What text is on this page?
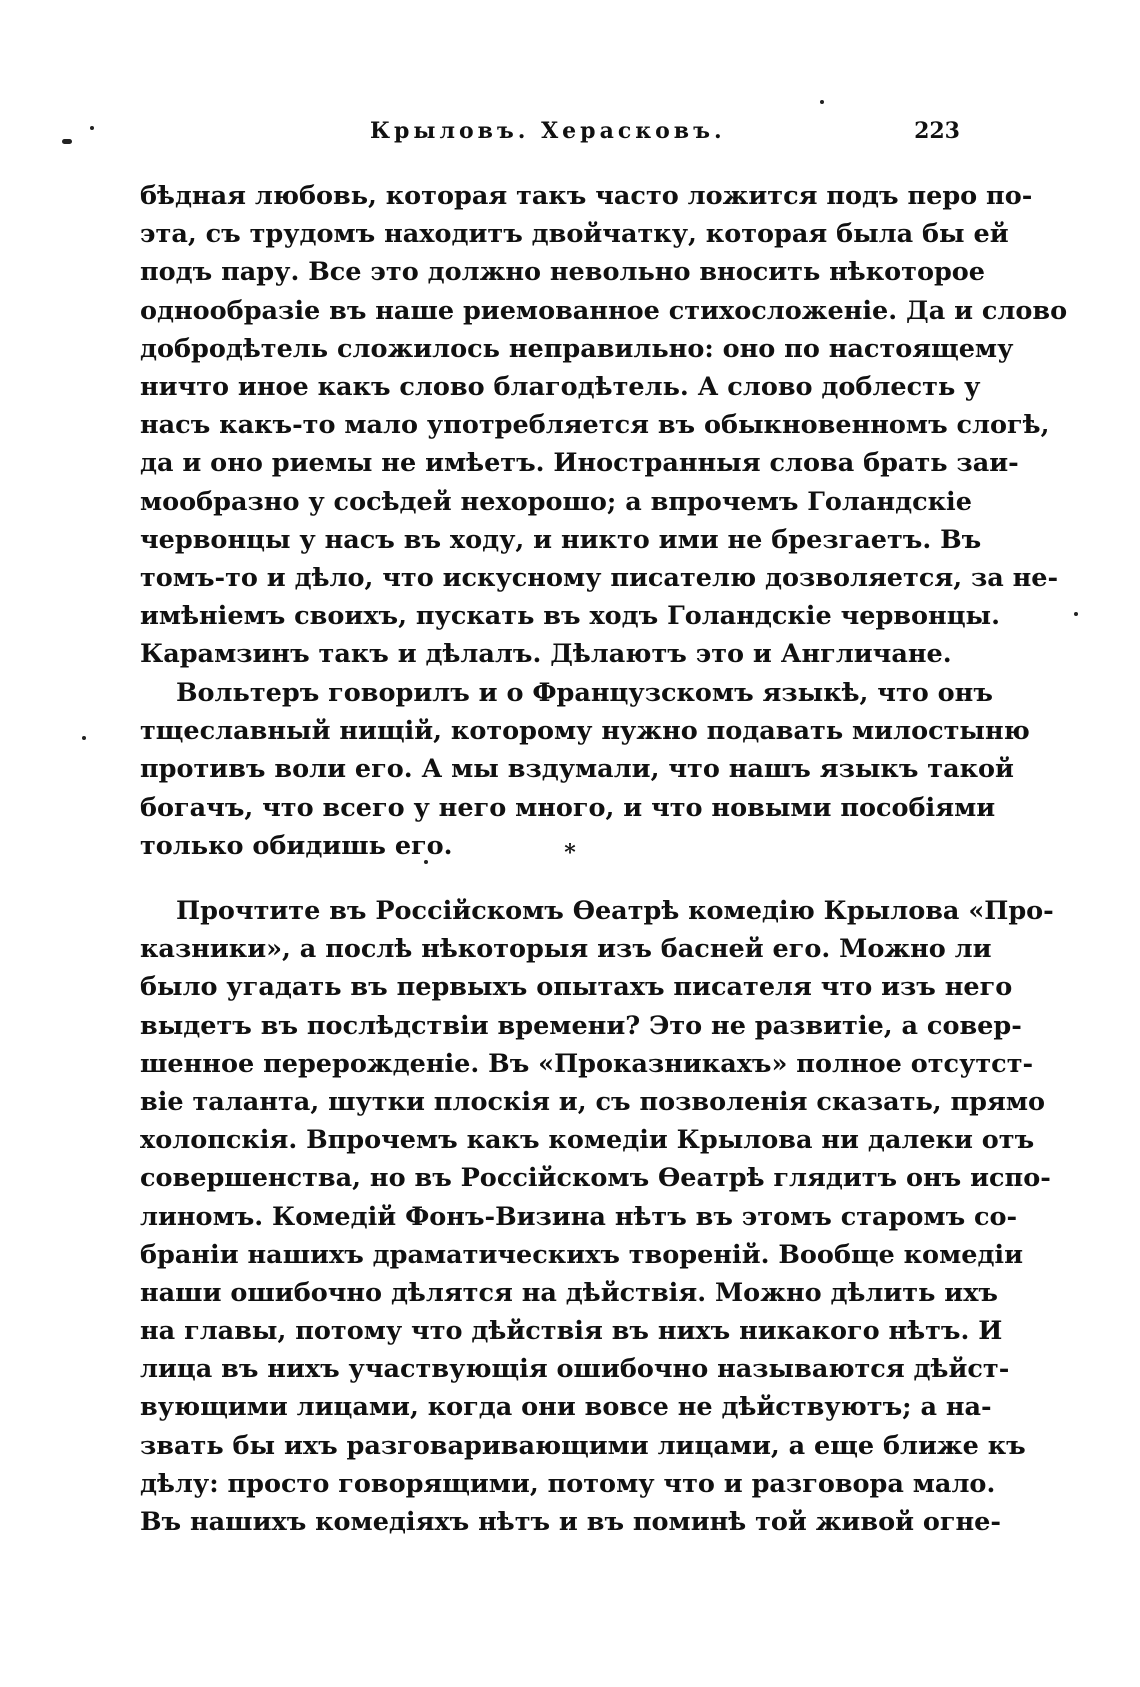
Крыловъ. Херасковъ.	223
бѣдная любовь, которая такъ часто ложится подъ перо по-
эта, съ трудомъ находитъ двойчатку, которая была бы ей
подъ пару. Все это должно невольно вносить нѣкоторое
однообразіе въ наше риемованное стихосложеніе. Да и слово
добродѣтель сложилось неправильно: оно по настоящему
ничто иное какъ слово благодѣтель. А слово доблесть у
насъ какъ-то мало употребляется въ обыкновенномъ слогѣ,
да и оно риемы не имѣетъ. Иностранныя слова брать заи-
мообразно у сосѣдей нехорошо; а впрочемъ Голандскіе
червонцы у насъ въ ходу, и никто ими не брезгаетъ. Въ
томъ-то и дѣло, что искусному писателю дозволяется, за не-
имѣніемъ своихъ, пускать въ ходъ Голандскіе червонцы.
Карамзинъ такъ и дѣлалъ. Дѣлаютъ это и Англичане.
Вольтеръ говорилъ и о Французскомъ языкѣ, что онъ
тщеславный нищій, которому нужно подавать милостыню
противъ воли его. А мы вздумали, что нашъ языкъ такой
богачъ, что всего у него много, и что новыми пособіями
только обидишь его.	*
Прочтите въ Россійскомъ Ѳеатрѣ комедію Крылова «Про-
казники», а послѣ нѣкоторыя изъ басней его. Можно ли
было угадать въ первыхъ опытахъ писателя что изъ него
выдетъ въ послѣдствіи времени? Это не развитіе, а совер-
шенное перерожденіе. Въ «Проказникахъ» полное отсутст-
віе таланта, шутки плоскія и, съ позволенія сказать, прямо
холопскія. Впрочемъ какъ комедіи Крылова ни далеки отъ
совершенства, но въ Россійскомъ Ѳеатрѣ глядитъ онъ испо-
линомъ. Комедій Фонъ-Визина нѣтъ въ этомъ старомъ со-
браніи нашихъ драматическихъ твореній. Вообще комедіи
наши ошибочно дѣлятся на дѣйствія. Можно дѣлить ихъ
на главы, потому что дѣйствія въ нихъ никакого нѣтъ. И
лица въ нихъ участвующія ошибочно называются дѣйст-
вующими лицами, когда они вовсе не дѣйствуютъ; а на-
звать бы ихъ разговаривающими лицами, а еще ближе къ
дѣлу: просто говорящими, потому что и разговора мало.
Въ нашихъ комедіяхъ нѣтъ и въ поминѣ той живой огне-
